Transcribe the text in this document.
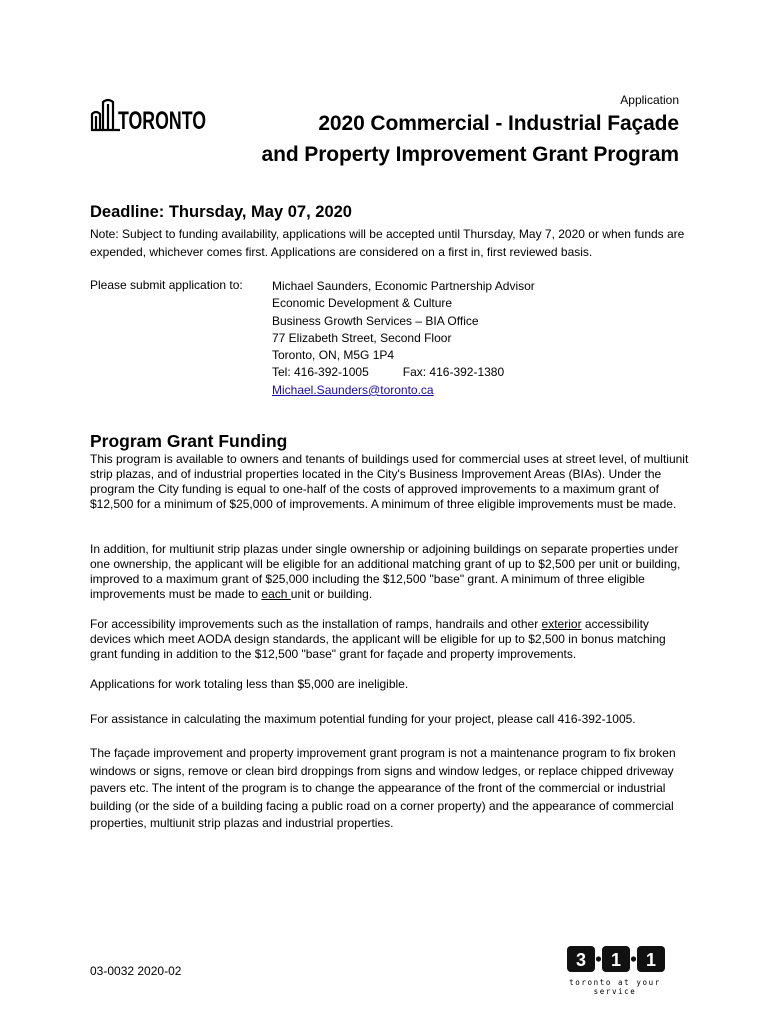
TORONTO
Application
2020 Commercial - Industrial Façade
and Property Improvement Grant Program
Deadline: Thursday, May 07, 2020
Note: Subject to funding availability, applications will be accepted until Thursday, May 7, 2020 or when funds are expended, whichever comes first. Applications are considered on a first in, first reviewed basis.
Please submit application to: Michael Saunders, Economic Partnership Advisor
Economic Development & Culture
Business Growth Services – BIA Office
77 Elizabeth Street, Second Floor
Toronto, ON, M5G 1P4
Tel: 416-392-1005	Fax: 416-392-1380
Michael.Saunders@toronto.ca
Program Grant Funding
This program is available to owners and tenants of buildings used for commercial uses at street level, of multiunit strip plazas, and of industrial properties located in the City's Business Improvement Areas (BIAs). Under the program the City funding is equal to one-half of the costs of approved improvements to a maximum grant of $12,500 for a minimum of $25,000 of improvements. A minimum of three eligible improvements must be made.
In addition, for multiunit strip plazas under single ownership or adjoining buildings on separate properties under one ownership, the applicant will be eligible for an additional matching grant of up to $2,500 per unit or building, improved to a maximum grant of $25,000 including the $12,500 "base" grant. A minimum of three eligible improvements must be made to each unit or building.
For accessibility improvements such as the installation of ramps, handrails and other exterior accessibility devices which meet AODA design standards, the applicant will be eligible for up to $2,500 in bonus matching grant funding in addition to the $12,500 "base" grant for façade and property improvements.
Applications for work totaling less than $5,000 are ineligible.
For assistance in calculating the maximum potential funding for your project, please call 416-392-1005.
The façade improvement and property improvement grant program is not a maintenance program to fix broken windows or signs, remove or clean bird droppings from signs and window ledges, or replace chipped driveway pavers etc. The intent of the program is to change the appearance of the front of the commercial or industrial building (or the side of a building facing a public road on a corner property) and the appearance of commercial properties, multiunit strip plazas and industrial properties.
03-0032 2020-02
3 1 1
toronto at your service
